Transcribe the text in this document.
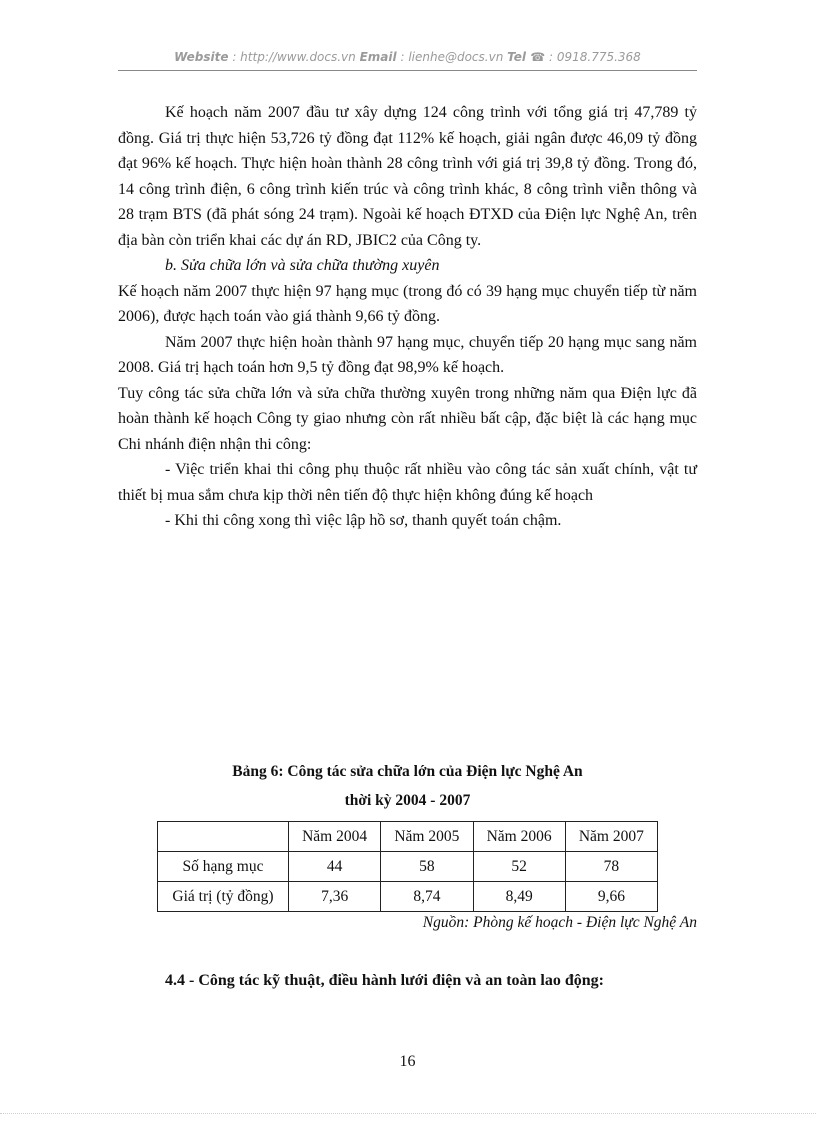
Website : http://www.docs.vn Email : lienhe@docs.vn Tel ☎ : 0918.775.368

Kế hoạch năm 2007 đầu tư xây dựng 124 công trình với tổng giá trị 47,789 tỷ đồng. Giá trị thực hiện 53,726 tỷ đồng đạt 112% kế hoạch, giải ngân được 46,09 tỷ đồng đạt 96% kế hoạch. Thực hiện hoàn thành 28 công trình với giá trị 39,8 tỷ đồng. Trong đó, 14 công trình điện, 6 công trình kiến trúc và công trình khác, 8 công trình viễn thông và 28 trạm BTS (đã phát sóng 24 trạm). Ngoài kế hoạch ĐTXD của Điện lực Nghệ An, trên địa bàn còn triển khai các dự án RD, JBIC2 của Công ty.

b. Sửa chữa lớn và sửa chữa thường xuyên

Kế hoạch năm 2007 thực hiện 97 hạng mục (trong đó có 39 hạng mục chuyển tiếp từ năm 2006), được hạch toán vào giá thành 9,66 tỷ đồng.

Năm 2007 thực hiện hoàn thành 97 hạng mục, chuyển tiếp 20 hạng mục sang năm 2008. Giá trị hạch toán hơn 9,5 tỷ đồng đạt 98,9% kế hoạch.

Tuy công tác sửa chữa lớn và sửa chữa thường xuyên trong những năm qua Điện lực đã hoàn thành kế hoạch Công ty giao nhưng còn rất nhiều bất cập, đặc biệt là các hạng mục Chi nhánh điện nhận thi công:

- Việc triển khai thi công phụ thuộc rất nhiều vào công tác sản xuất chính, vật tư thiết bị mua sắm chưa kịp thời nên tiến độ thực hiện không đúng kế hoạch

- Khi thi công xong thì việc lập hồ sơ, thanh quyết toán chậm.

Bảng 6: Công tác sửa chữa lớn của Điện lực Nghệ An
thời kỳ 2004 - 2007
	Năm 2004	Năm 2005	Năm 2006	Năm 2007
Số hạng mục	44	58	52	78
Giá trị (tỷ đồng)	7,36	8,74	8,49	9,66
Nguồn: Phòng kế hoạch - Điện lực Nghệ An
4.4 - Công tác kỹ thuật, điều hành lưới điện và an toàn lao động:
16
